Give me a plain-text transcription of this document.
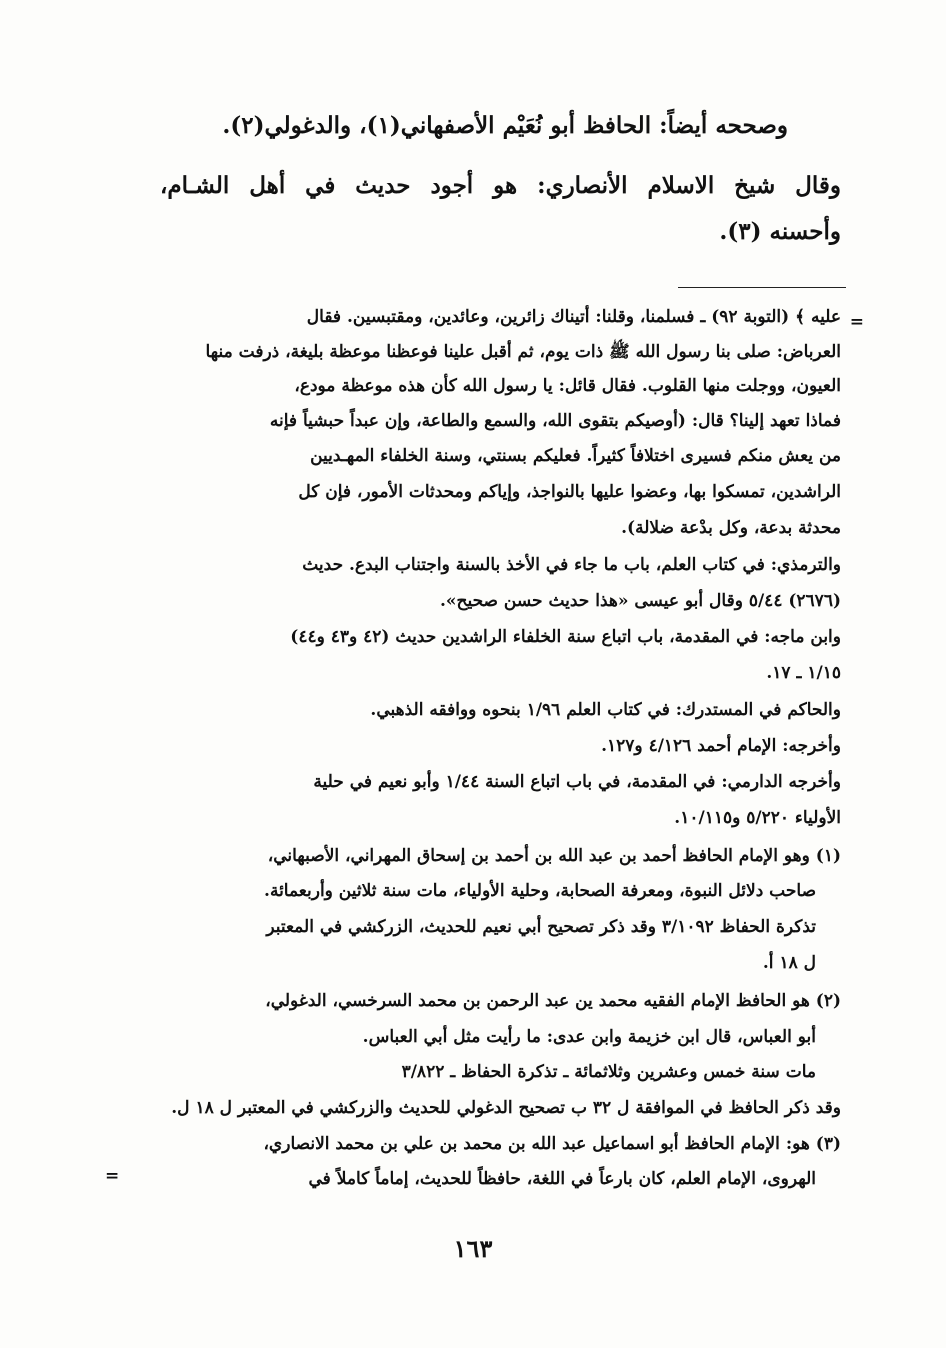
وصححه أيضاً: الحافظ أبو نُعَيْم الأصفهاني(١)، والدغولي(٢).
وقال شيخ الاسلام الأنصاري: هو أجود حديث في أهل الشـام،
وأحسنه (٣).
=
=
عليه ﴾ (التوبة ٩٢) ـ فسلمنا، وقلنا: أتيناك زائرين، وعائدين، ومقتبسين. فقال
العرباض: صلى بنا رسول الله ﷺ ذات يوم، ثم أقبل علينا فوعظنا موعظة بليغة، ذرفت منها
العيون، ووجلت منها القلوب. فقال قائل: يا رسول الله كأن هذه موعظة مودع،
فماذا تعهد إلينا؟ قال: (أوصيكم بتقوى الله، والسمع والطاعة، وإن عبداً حبشياً فإنه
من يعش منكم فسيرى اختلافاً كثيراً. فعليكم بسنتي، وسنة الخلفاء المهـديين
الراشدين، تمسكوا بها، وعضوا عليها بالنواجذ، وإياكم ومحدثات الأمور، فإن كل
محدثة بدعة، وكل بدْعة ضلالة).
والترمذي: في كتاب العلم، باب ما جاء في الأخذ بالسنة واجتناب البدع. حديث
(٢٦٧٦) ٥/٤٤ وقال أبو عيسى «هذا حديث حسن صحيح».
وابن ماجه: في المقدمة، باب اتباع سنة الخلفاء الراشدين حديث (٤٢ و٤٣ و٤٤)
١/١٥ ـ ١٧.
والحاكم في المستدرك: في كتاب العلم ١/٩٦ بنحوه ووافقه الذهبي.
وأخرجه: الإمام أحمد ٤/١٢٦ و١٢٧.
وأخرجه الدارمي: في المقدمة، في باب اتباع السنة ١/٤٤ وأبو نعيم في حلية
الأولياء ٥/٢٢٠ و١٠/١١٥.
(١) وهو الإمام الحافظ أحمد بن عبد الله بن أحمد بن إسحاق المهراني، الأصبهاني،
صاحب دلائل النبوة، ومعرفة الصحابة، وحلية الأولياء، مات سنة ثلاثين وأربعمائة.
تذكرة الحفاظ ٣/١٠٩٢ وقد ذكر تصحيح أبي نعيم للحديث، الزركشي في المعتبر
ل ١٨ أ.
(٢) هو الحافظ الإمام الفقيه محمد ين عبد الرحمن بن محمد السرخسي، الدغولي،
أبو العباس، قال ابن خزيمة وابن عدى: ما رأيت مثل أبي العباس.
مات سنة خمس وعشرين وثلاثمائة ـ تذكرة الحفاظ ـ ٣/٨٢٢
وقد ذكر الحافظ في الموافقة ل ٣٢ ب تصحيح الدغولي للحديث والزركشي في المعتبر ل ١٨ ل.
(٣) هو: الإمام الحافظ أبو اسماعيل عبد الله بن محمد بن علي بن محمد الانصاري،
الهروى، الإمام العلم، كان بارعاً في اللغة، حافظاً للحديث، إماماً كاملاً في
١٦٣
